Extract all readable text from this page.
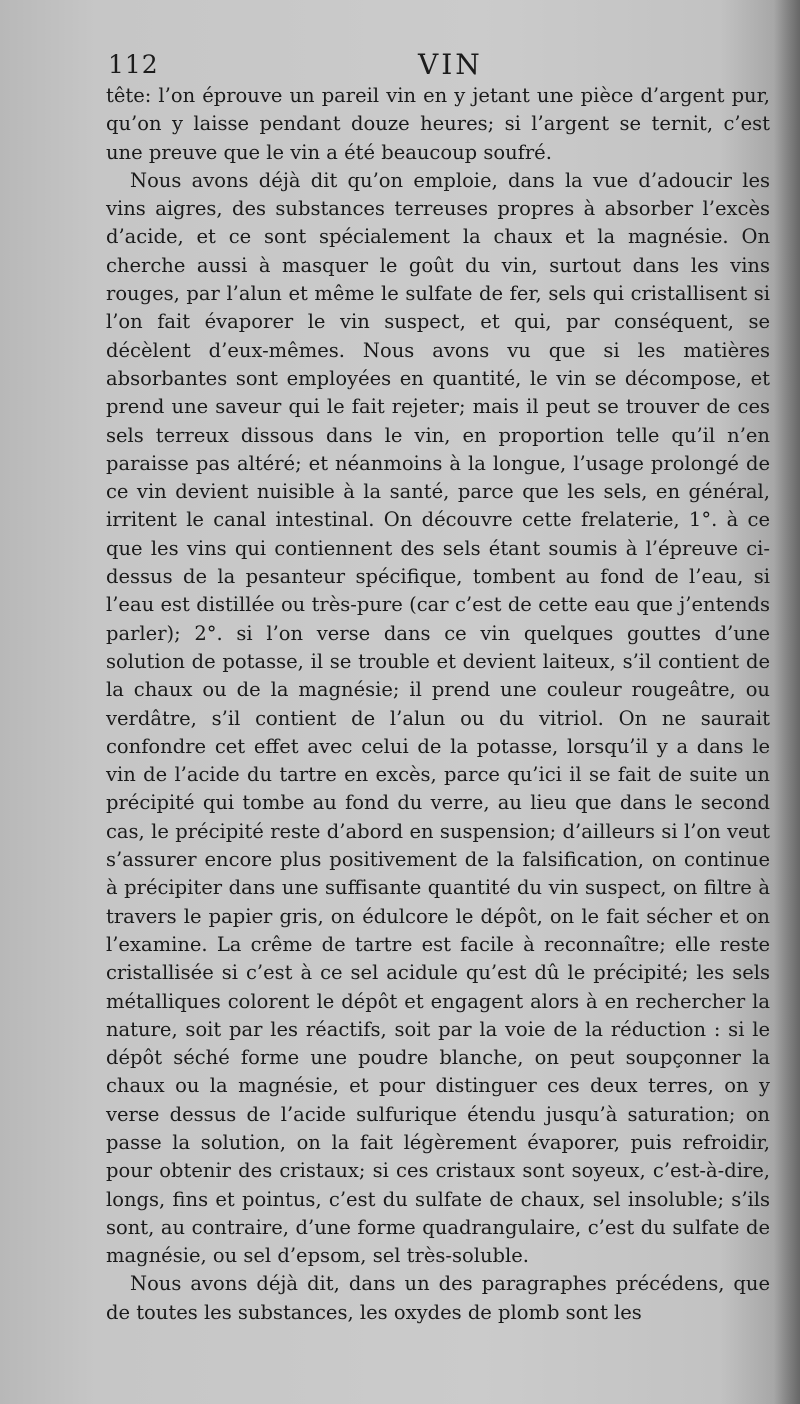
112	VIN

tête: l’on éprouve un pareil vin en y jetant une pièce d’argent pur, qu’on y laisse pendant douze heures; si l’argent se ternit, c’est une preuve que le vin a été beaucoup soufré.

Nous avons déjà dit qu’on emploie, dans la vue d’adoucir les vins aigres, des substances terreuses propres à absorber l’excès d’acide, et ce sont spécialement la chaux et la magnésie. On cherche aussi à masquer le goût du vin, surtout dans les vins rouges, par l’alun et même le sulfate de fer, sels qui cristallisent si l’on fait évaporer le vin suspect, et qui, par conséquent, se décèlent d’eux-mêmes. Nous avons vu que si les matières absorbantes sont employées en quantité, le vin se décompose, et prend une saveur qui le fait rejeter; mais il peut se trouver de ces sels terreux dissous dans le vin, en proportion telle qu’il n’en paraisse pas altéré; et néanmoins à la longue, l’usage prolongé de ce vin devient nuisible à la santé, parce que les sels, en général, irritent le canal intestinal. On découvre cette frelaterie, 1°. à ce que les vins qui contiennent des sels étant soumis à l’épreuve ci-dessus de la pesanteur spécifique, tombent au fond de l’eau, si l’eau est distillée ou très-pure (car c’est de cette eau que j’entends parler); 2°. si l’on verse dans ce vin quelques gouttes d’une solution de potasse, il se trouble et devient laiteux, s’il contient de la chaux ou de la magnésie; il prend une couleur rougeâtre, ou verdâtre, s’il contient de l’alun ou du vitriol. On ne saurait confondre cet effet avec celui de la potasse, lorsqu’il y a dans le vin de l’acide du tartre en excès, parce qu’ici il se fait de suite un précipité qui tombe au fond du verre, au lieu que dans le second cas, le précipité reste d’abord en suspension; d’ailleurs si l’on veut s’assurer encore plus positivement de la falsification, on continue à précipiter dans une suffisante quantité du vin suspect, on filtre à travers le papier gris, on édulcore le dépôt, on le fait sécher et on l’examine. La crême de tartre est facile à reconnaître; elle reste cristallisée si c’est à ce sel acidule qu’est dû le précipité; les sels métalliques colorent le dépôt et engagent alors à en rechercher la nature, soit par les réactifs, soit par la voie de la réduction : si le dépôt séché forme une poudre blanche, on peut soupçonner la chaux ou la magnésie, et pour distinguer ces deux terres, on y verse dessus de l’acide sulfurique étendu jusqu’à saturation; on passe la solution, on la fait légèrement évaporer, puis refroidir, pour obtenir des cristaux; si ces cristaux sont soyeux, c’est-à-dire, longs, fins et pointus, c’est du sulfate de chaux, sel insoluble; s’ils sont, au contraire, d’une forme quadrangulaire, c’est du sulfate de magnésie, ou sel d’epsom, sel très-soluble.

Nous avons déjà dit, dans un des paragraphes précédens, que de toutes les substances, les oxydes de plomb sont les
